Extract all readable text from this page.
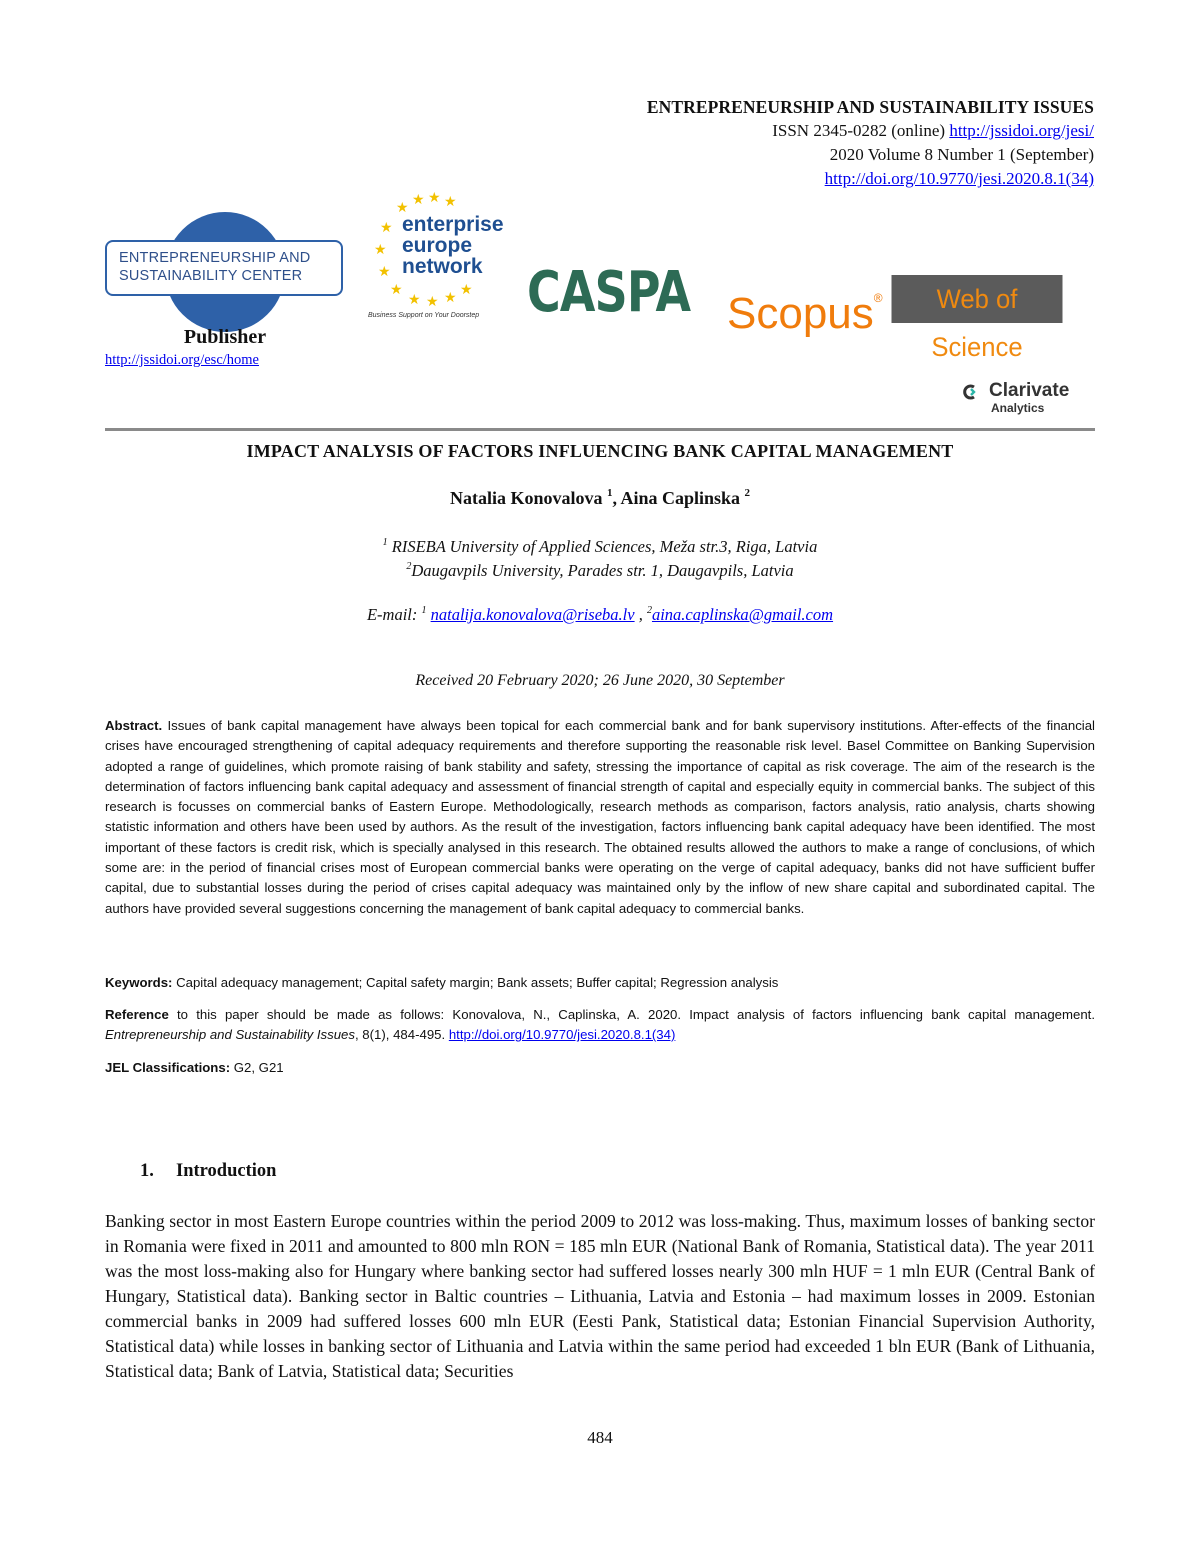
ENTREPRENEURSHIP AND SUSTAINABILITY ISSUES
ISSN 2345-0282 (online) http://jssidoi.org/jesi/
2020 Volume 8 Number 1 (September)
http://doi.org/10.9770/jesi.2020.8.1(34)
ENTREPRENEURSHIP AND
SUSTAINABILITY CENTER
Publisher
http://jssidoi.org/esc/home
★
★ ★ ★
★
★
★
★
★ ★ ★
★
enterprise
europe
network
Business Support on Your Doorstep CASPA Scopus®	Web of Science
Clarivate
Analytics
IMPACT ANALYSIS OF FACTORS INFLUENCING BANK CAPITAL MANAGEMENT
Natalia Konovalova $^1$, Aina Caplinska $^2$
$^1$ RISEBA University of Applied Sciences, Meža str.3, Riga, Latvia
$^2$Daugavpils University, Parades str. 1, Daugavpils, Latvia
E-mail: $^1$ natalija.konovalova@riseba.lv , $^2$aina.caplinska@gmail.com
Received 20 February 2020; 26 June 2020, 30 September
Abstract. Issues of bank capital management have always been topical for each commercial bank and for bank supervisory institutions. After-effects of the financial crises have encouraged strengthening of capital adequacy requirements and therefore supporting the reasonable risk level. Basel Committee on Banking Supervision adopted a range of guidelines, which promote raising of bank stability and safety, stressing the importance of capital as risk coverage. The aim of the research is the determination of factors influencing bank capital adequacy and assessment of financial strength of capital and especially equity in commercial banks. The subject of this research is focusses on commercial banks of Eastern Europe. Methodologically, research methods as comparison, factors analysis, ratio analysis, charts showing statistic information and others have been used by authors. As the result of the investigation, factors influencing bank capital adequacy have been identified. The most important of these factors is credit risk, which is specially analysed in this research. The obtained results allowed the authors to make a range of conclusions, of which some are: in the period of financial crises most of European commercial banks were operating on the verge of capital adequacy, banks did not have sufficient buffer capital, due to substantial losses during the period of crises capital adequacy was maintained only by the inflow of new share capital and subordinated capital. The authors have provided several suggestions concerning the management of bank capital adequacy to commercial banks.
Keywords: Capital adequacy management; Capital safety margin; Bank assets; Buffer capital; Regression analysis
Reference to this paper should be made as follows: Konovalova, N., Caplinska, A. 2020. Impact analysis of factors influencing bank capital management. Entrepreneurship and Sustainability Issues, 8(1), 484-495. http://doi.org/10.9770/jesi.2020.8.1(34)
JEL Classifications: G2, G21
1. Introduction
Banking sector in most Eastern Europe countries within the period 2009 to 2012 was loss-making. Thus, maximum losses of banking sector in Romania were fixed in 2011 and amounted to 800 mln RON = 185 mln EUR (National Bank of Romania, Statistical data). The year 2011 was the most loss-making also for Hungary where banking sector had suffered losses nearly 300 mln HUF = 1 mln EUR (Central Bank of Hungary, Statistical data). Banking sector in Baltic countries – Lithuania, Latvia and Estonia – had maximum losses in 2009. Estonian commercial banks in 2009 had suffered losses 600 mln EUR (Eesti Pank, Statistical data; Estonian Financial Supervision Authority, Statistical data) while losses in banking sector of Lithuania and Latvia within the same period had exceeded 1 bln EUR (Bank of Lithuania, Statistical data; Bank of Latvia, Statistical data; Securities
484
